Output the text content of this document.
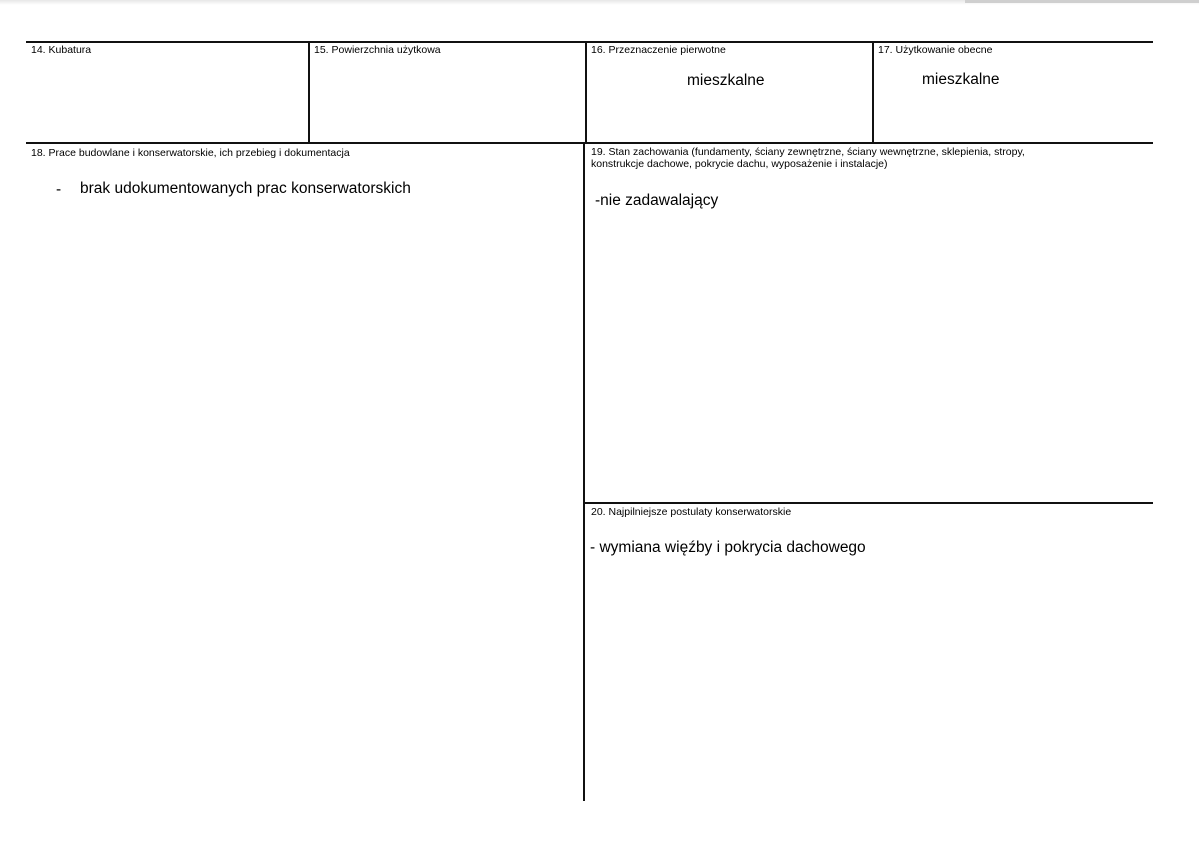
14. Kubatura	15. Powierzchnia użytkowa	16. Przeznaczenie pierwotne
mieszkalne
17. Użytkowanie obecne
mieszkalne
18. Prace budowlane i konserwatorskie, ich przebieg i dokumentacja
- brak udokumentowanych prac konserwatorskich
19. Stan zachowania (fundamenty, ściany zewnętrzne, ściany wewnętrzne, sklepienia, stropy, konstrukcje dachowe, pokrycie dachu, wyposażenie i instalacje)
-nie zadawalający
20. Najpilniejsze postulaty konserwatorskie
- wymiana więźby i pokrycia dachowego
